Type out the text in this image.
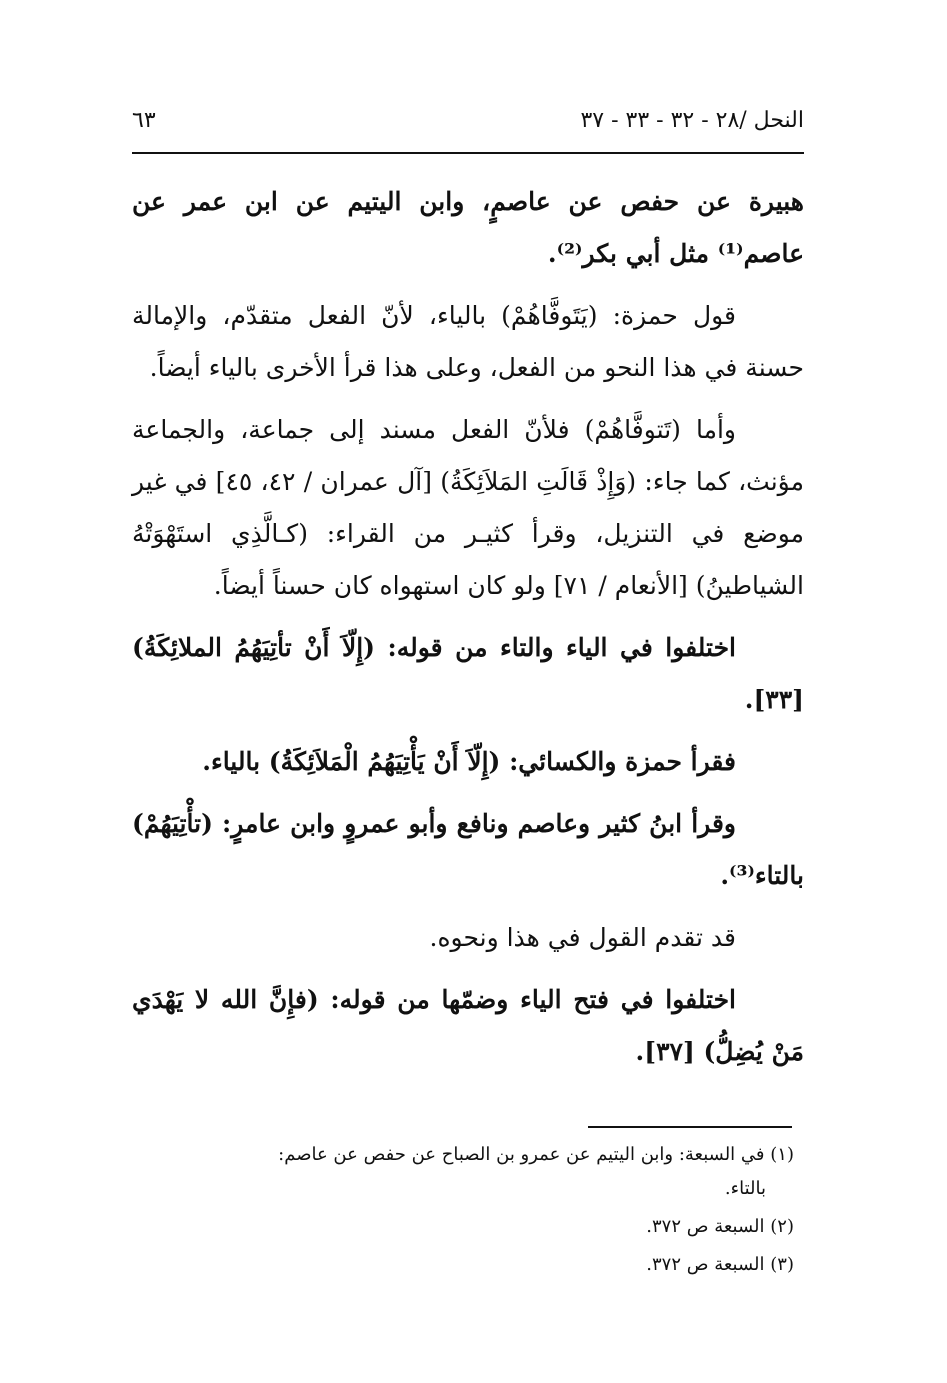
النحل /٢٨ - ٣٢ - ٣٣ - ٣٧
٦٣

هبيرة عن حفص عن عاصمٍ، وابن اليتيم عن ابن عمر عن عاصم⁽¹⁾ مثل أبي بكر⁽²⁾.

قول حمزة: (يَتَوفَّاهُمْ) بالياء، لأنّ الفعل متقدّم، والإمالة حسنة في هذا النحو من الفعل، وعلى هذا قرأ الأخرى بالياء أيضاً.

وأما (تَتوفَّاهُمْ) فلأنّ الفعل مسند إلى جماعة، والجماعة مؤنث، كما جاء: (وَإِذْ قَالَتِ المَلاَئِكَةُ) [آل عمران / ٤٢، ٤٥] في غير موضع في التنزيل، وقرأ كثيـر من القراء: (كـالَّذِي استَهْوَتْهُ الشياطينُ) [الأنعام / ٧١] ولو كان استهواه كان حسناً أيضاً.

اختلفوا في الياء والتاء من قوله: (إِلّاَ أَنْ تأتِيَهُمُ الملائِكَةُ) [٣٣].

فقرأ حمزة والكسائي: (إِلّاَ أَنْ يَأْتِيَهُمُ الْمَلاَئِكَةُ) بالياء.

وقرأ ابنُ كثير وعاصم ونافع وأبو عمروٍ وابن عامرٍ: (تأْتِيَهُمْ) بالتاء⁽³⁾.

قد تقدم القول في هذا ونحوه.

اختلفوا في فتح الياء وضمّها من قوله: (فإِنَّ الله لا يَهْدَي مَنْ يُضِلُّ) [٣٧].

(١) في السبعة: وابن اليتيم عن عمرو بن الصباح عن حفص عن عاصم:
بالتاء.
(٢) السبعة ص ٣٧٢.
(٣) السبعة ص ٣٧٢.
